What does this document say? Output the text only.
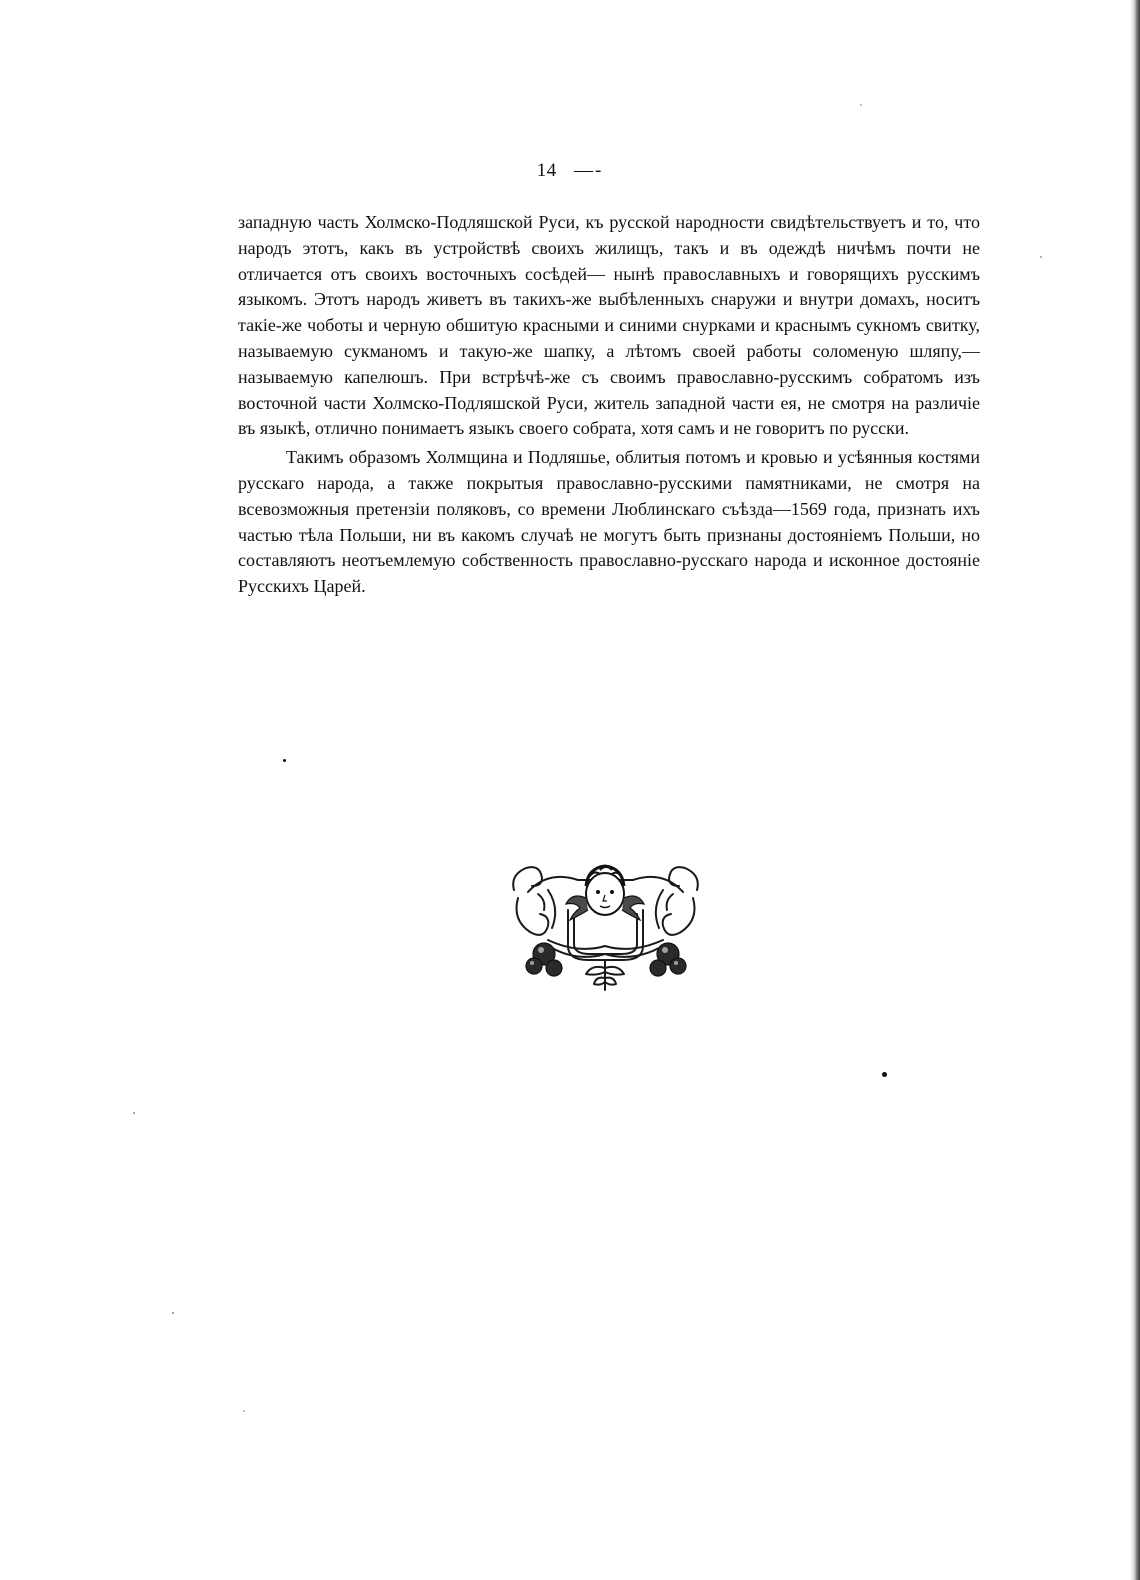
14 —-

западную часть Холмско-Подляшской Руси, къ русской народности свидѣтельствуетъ и то, что народъ этотъ, какъ въ устройствѣ своихъ жилищъ, такъ и въ одеждѣ ничѣмъ почти не отличается отъ своихъ восточныхъ сосѣдей— нынѣ православныхъ и говорящихъ русскимъ языкомъ. Этотъ народъ живетъ въ такихъ-же выбѣленныхъ снаружи и внутри домахъ, носитъ такіе-же чоботы и черную обшитую красными и синими снурками и краснымъ сукномъ свитку, называемую сукманомъ и такую-же шапку, а лѣтомъ своей работы соломеную шляпу,—называемую капелюшъ. При встрѣчѣ-же съ своимъ православно-русскимъ собратомъ изъ восточной части Холмско-Подляшской Руси, житель западной части ея, не смотря на различіе въ языкѣ, отлично понимаетъ языкъ своего собрата, хотя самъ и не говоритъ по русски.

Такимъ образомъ Холмщина и Подляшье, облитыя потомъ и кровью и усѣянныя костями русскаго народа, а также покрытыя православно-русскими памятниками, не смотря на всевозможныя претензіи поляковъ, со времени Люблинскаго съѣзда—1569 года, признать ихъ частью тѣла Польши, ни въ какомъ случаѣ не могутъ быть признаны достояніемъ Польши, но составляютъ неотъемлемую собственность православно-русскаго народа и исконное достояніе Русскихъ Царей.
